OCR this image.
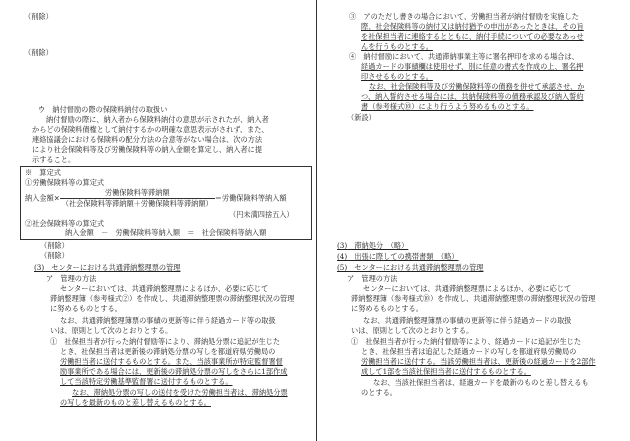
（削除）
（削除）
ウ　納付督励の際の保険料納付の取扱い
納付督励の際に、納入者から保険料納付の意思が示されたが、納入者
からどの保険料債権として納付するかの明確な意思表示がされず、また、
連絡協議会における保険料の配分方法の合意等がない場合は、次の方法
により社会保険料等及び労働保険料等の納入金額を算定し、納入者に提
示すること。
※　算定式
①労働保険料等の算定式
納入金額× $\frac{\text{労働保険料等滞納額}}{\text{（社会保険料等滞納額＋労働保険料等滞納額）}}$ ＝労働保険料等納入額
（円未満四捨五入）
②社会保険料等の算定式
納入金額　－　労働保険料等納入額　＝　社会保険料等納入額
（削除）
（削除）
(3)　センターにおける共通滞納整理票の管理
ア　管理の方法
センターにおいては、共通滞納整理票によるほか、必要に応じて
滞納整理簿（参考様式②）を作成し、共通滞納整理票の滞納整理状況の管理
に努めるものとする。
なお、共通滞納整理簿票の事績の更新等に伴う経過カード等の取扱
いは、原則として次のとおりとする。
①　社保担当者が行った納付督励等により、滞納処分票に追記が生じた
とき、社保担当者は更新後の滞納処分票の写しを都道府県労働局の
労働担当者に送付するものとする。また、当該事業所が特定監督署督
励事業所である場合には、更新後の滞納処分票の写しをさらに1部作成
して当該特定労働基準監督署に送付するものとする。
なお、滞納処分票の写しの送付を受けた労働担当者は、滞納処分票
の写しを最新のものと差し替えるものとする。
③　アのただし書きの場合において、労働担当者が納付督励を実施した
際、社会保険料等の納付又は納付猶予の申出があったときは、その旨
を社保担当者に連絡するとともに、納付手続についての必要なあっせ
んを行うものとする。
④　納付督励において、共通滞納事業主等に署名押印を求める場合は、
経過カードの事績欄は使用せず、別に任意の書式を作成の上、署名押
印させるものとする。
なお、社会保険料等及び労働保険料等の債務を併せて承認させ、か
つ、納入誓約させる場合には、共納保険料等の債務承認及び納入誓約
書（参考様式⑩）により行うよう努めるものとする。
（新設）
(3)　滞納処分　（略）
(4)　出張に際しての携帯書類　（略）
(5)　センターにおける共通滞納整理票の管理
ア　管理の方法
センターにおいては、共通滞納整理票によるほか、必要に応じて
滞納整理簿（参考様式⑩）を作成し、共通滞納整理票の滞納整理状況の管理
に努めるものとする。
なお、共通滞納整理簿票の事績の更新等に伴う経過カードの取扱
いは、原則として次のとおりとする。
①　社保担当者が行った納付督励等により、経過カードに追記が生じた
とき、社保担当者は追記した経過カードの写しを都道府県労働局の
労働担当者に送付する。当該労働担当者は、更新後の経過カードを2部作
成して1部を当該社保担当者に送付するものとする。
なお、当該社保担当者は、経過カードを最新のものと差し替えるも
のとする。
